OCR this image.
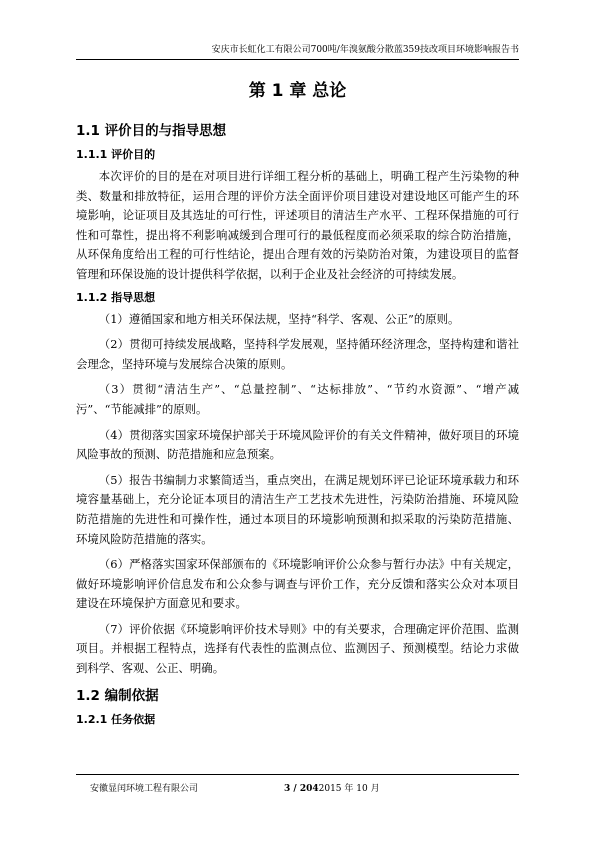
安庆市长虹化工有限公司700吨/年溴氨酸分散蓝359技改项目环境影响报告书
第 1 章 总论
1.1 评价目的与指导思想
1.1.1 评价目的

本次评价的目的是在对项目进行详细工程分析的基础上，明确工程产生污染物的种类、数量和排放特征，运用合理的评价方法全面评价项目建设对建设地区可能产生的环境影响，论证项目及其选址的可行性，评述项目的清洁生产水平、工程环保措施的可行性和可靠性，提出将不利影响减缓到合理可行的最低程度而必须采取的综合防治措施，从环保角度给出工程的可行性结论，提出合理有效的污染防治对策，为建设项目的监督管理和环保设施的设计提供科学依据，以利于企业及社会经济的可持续发展。

1.1.2 指导思想

（1）遵循国家和地方相关环保法规，坚持“科学、客观、公正”的原则。

（2）贯彻可持续发展战略，坚持科学发展观，坚持循环经济理念，坚持构建和谐社会理念，坚持环境与发展综合决策的原则。

（3）贯彻“清洁生产”、“总量控制”、“达标排放”、“节约水资源”、“增产减污”、“节能减排”的原则。

（4）贯彻落实国家环境保护部关于环境风险评价的有关文件精神，做好项目的环境风险事故的预测、防范措施和应急预案。

（5）报告书编制力求繁简适当，重点突出，在满足规划环评已论证环境承载力和环境容量基础上，充分论证本项目的清洁生产工艺技术先进性，污染防治措施、环境风险防范措施的先进性和可操作性，通过本项目的环境影响预测和拟采取的污染防范措施、环境风险防范措施的落实。

（6）严格落实国家环保部颁布的《环境影响评价公众参与暂行办法》中有关规定，做好环境影响评价信息发布和公众参与调查与评价工作，充分反馈和落实公众对本项目建设在环境保护方面意见和要求。

（7）评价依据《环境影响评价技术导则》中的有关要求，合理确定评价范围、监测项目。并根据工程特点，选择有代表性的监测点位、监测因子、预测模型。结论力求做到科学、客观、公正、明确。

1.2 编制依据
1.2.1 任务依据
安徽显闰环境工程有限公司	3 / 2042015 年 10 月
